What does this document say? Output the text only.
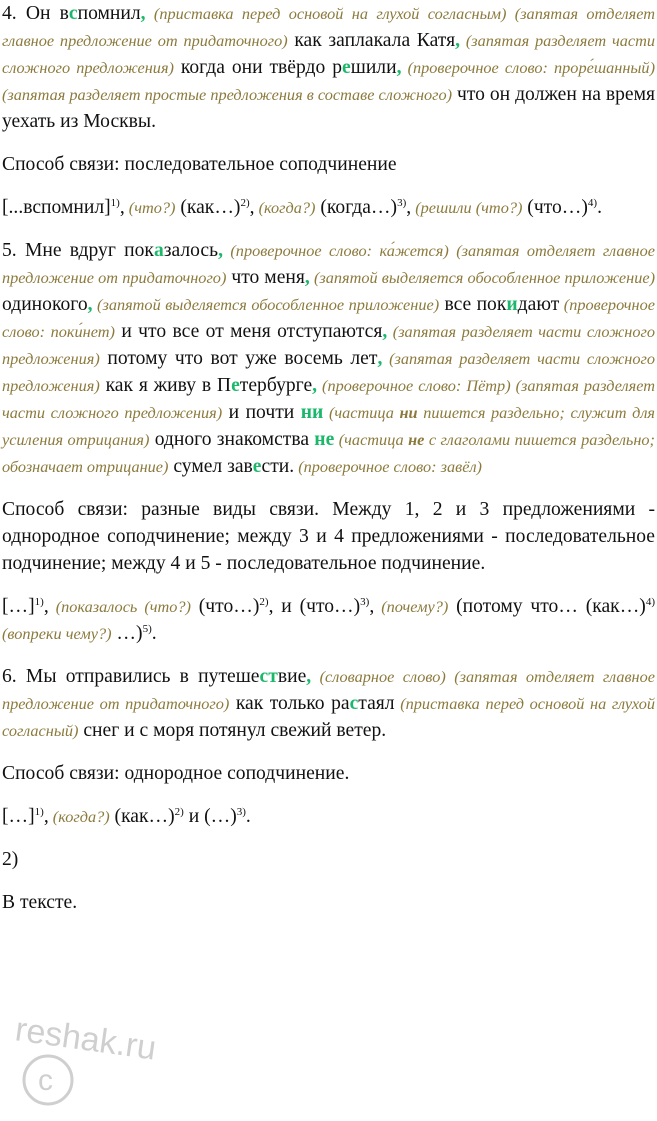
4. Он вспомнил, (приставка перед основой на глухой согласным) (запятая отделяет главное предложение от придаточного) как заплакала Катя, (запятая разделяет части сложного предложения) когда они твёрдо решили, (проверочное слово: проре́шанный) (запятая разделяет простые предложения в составе сложного) что он должен на время уехать из Москвы.

Способ связи: последовательное соподчинение

[...вспомнил]$^{1)}$, (что?) (как…)$^{2)}$, (когда?) (когда…)$^{3)}$, (решили (что?) (что…)$^{4)}$.

5. Мне вдруг показалось, (проверочное слово: ка́жется) (запятая отделяет главное предложение от придаточного) что меня, (запятой выделяется обособленное приложение) одинокого, (запятой выделяется обособленное приложение) все покидают (проверочное слово: поки́нет) и что все от меня отступаются, (запятая разделяет части сложного предложения) потому что вот уже восемь лет, (запятая разделяет части сложного предложения) как я живу в Петербурге, (проверочное слово: Пётр) (запятая разделяет части сложного предложения) и почти ни (частица ни пишется раздельно; служит для усиления отрицания) одного знакомства не (частица не с глаголами пишется раздельно; обозначает отрицание) сумел завести. (проверочное слово: завёл)

Способ связи: разные виды связи. Между 1, 2 и 3 предложениями - однородное соподчинение; между 3 и 4 предложениями - последовательное подчинение; между 4 и 5 - последовательное подчинение.

[…]$^{1)}$, (показалось (что?) (что…)$^{2)}$, и (что…)$^{3)}$, (почему?) (потому что… (как…)$^{4)}$ (вопреки чему?) …)$^{5)}$.

6. Мы отправились в путешествие, (словарное слово) (запятая отделяет главное предложение от придаточного) как только растаял (приставка перед основой на глухой согласный) снег и с моря потянул свежий ветер.

Способ связи: однородное соподчинение.

[…]$^{1)}$, (когда?) (как…)$^{2)}$ и (…)$^{3)}$.

2)

В тексте.

c
reshak.ru
